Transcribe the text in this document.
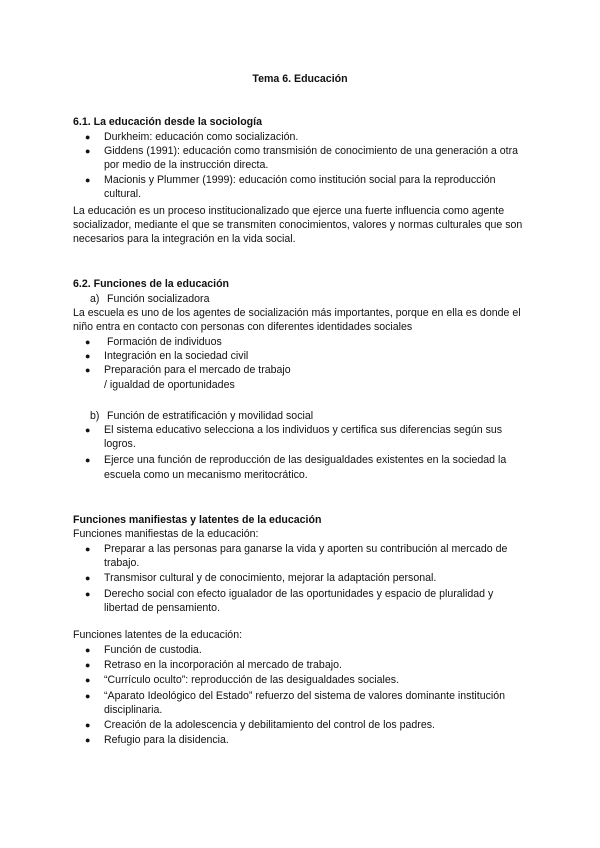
Tema 6. Educación
6.1. La educación desde la sociología
● Durkheim: educación como socialización.
● Giddens (1991): educación como transmisión de conocimiento de una generación a otra por medio de la instrucción directa.
● Macionis y Plummer (1999): educación como institución social para la reproducción cultural.
La educación es un proceso institucionalizado que ejerce una fuerte influencia como agente socializador, mediante el que se transmiten conocimientos, valores y normas culturales que son necesarios para la integración en la vida social.
6.2. Funciones de la educación
a) Función socializadora
La escuela es uno de los agentes de socialización más importantes, porque en ella es donde el niño entra en contacto con personas con diferentes identidades sociales
● Formación de individuos
● Integración en la sociedad civil
● Preparación para el mercado de trabajo
/ igualdad de oportunidades
b) Función de estratificación y movilidad social
● El sistema educativo selecciona a los individuos y certifica sus diferencias según sus logros.
● Ejerce una función de reproducción de las desigualdades existentes en la sociedad la escuela como un mecanismo meritocrático.
Funciones manifiestas y latentes de la educación
Funciones manifiestas de la educación:
● Preparar a las personas para ganarse la vida y aporten su contribución al mercado de trabajo.
● Transmisor cultural y de conocimiento, mejorar la adaptación personal.
● Derecho social con efecto igualador de las oportunidades y espacio de pluralidad y libertad de pensamiento.
Funciones latentes de la educación:
● Función de custodia.
● Retraso en la incorporación al mercado de trabajo.
● “Currículo oculto”: reproducción de las desigualdades sociales.
● “Aparato Ideológico del Estado” refuerzo del sistema de valores dominante institución disciplinaria.
● Creación de la adolescencia y debilitamiento del control de los padres.
● Refugio para la disidencia.
